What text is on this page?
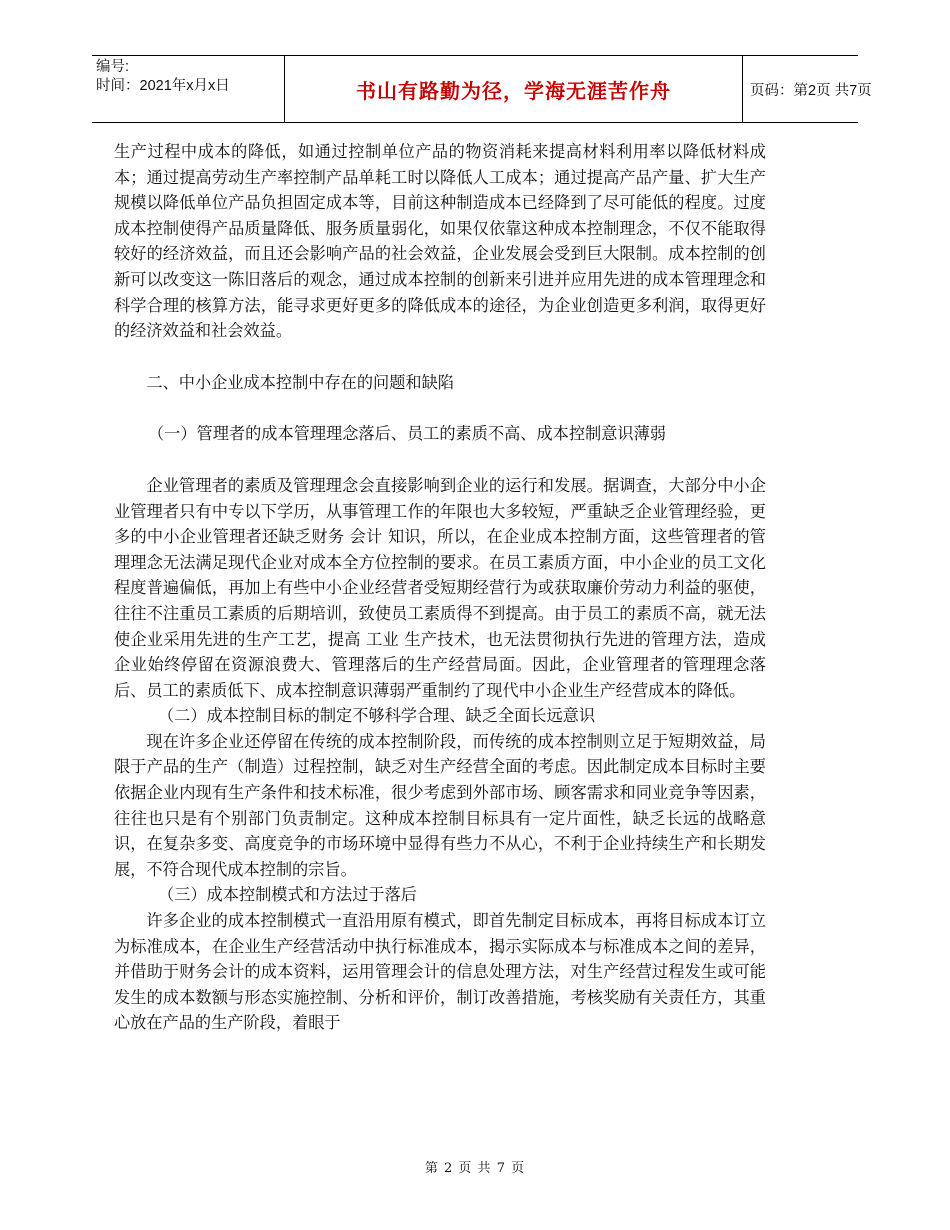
编号:
时间：2021年x月x日	书山有路勤为径，学海无涯苦作舟	页码：第2页 共7页

生产过程中成本的降低，如通过控制单位产品的物资消耗来提高材料利用率以降低材料成本；通过提高劳动生产率控制产品单耗工时以降低人工成本；通过提高产品产量、扩大生产规模以降低单位产品负担固定成本等，目前这种制造成本已经降到了尽可能低的程度。过度成本控制使得产品质量降低、服务质量弱化，如果仅依靠这种成本控制理念，不仅不能取得较好的经济效益，而且还会影响产品的社会效益，企业发展会受到巨大限制。成本控制的创新可以改变这一陈旧落后的观念，通过成本控制的创新来引进并应用先进的成本管理理念和科学合理的核算方法，能寻求更好更多的降低成本的途径，为企业创造更多利润，取得更好的经济效益和社会效益。

二、中小企业成本控制中存在的问题和缺陷

（一）管理者的成本管理理念落后、员工的素质不高、成本控制意识薄弱

企业管理者的素质及管理理念会直接影响到企业的运行和发展。据调查，大部分中小企业管理者只有中专以下学历，从事管理工作的年限也大多较短，严重缺乏企业管理经验，更多的中小企业管理者还缺乏财务 会计 知识，所以，在企业成本控制方面，这些管理者的管理理念无法满足现代企业对成本全方位控制的要求。在员工素质方面，中小企业的员工文化程度普遍偏低，再加上有些中小企业经营者受短期经营行为或获取廉价劳动力利益的驱使，往往不注重员工素质的后期培训，致使员工素质得不到提高。由于员工的素质不高，就无法使企业采用先进的生产工艺，提高 工业 生产技术，也无法贯彻执行先进的管理方法，造成企业始终停留在资源浪费大、管理落后的生产经营局面。因此，企业管理者的管理理念落后、员工的素质低下、成本控制意识薄弱严重制约了现代中小企业生产经营成本的降低。

（二）成本控制目标的制定不够科学合理、缺乏全面长远意识

现在许多企业还停留在传统的成本控制阶段，而传统的成本控制则立足于短期效益，局限于产品的生产（制造）过程控制，缺乏对生产经营全面的考虑。因此制定成本目标时主要依据企业内现有生产条件和技术标准，很少考虑到外部市场、顾客需求和同业竞争等因素，往往也只是有个别部门负责制定。这种成本控制目标具有一定片面性，缺乏长远的战略意识，在复杂多变、高度竞争的市场环境中显得有些力不从心，不利于企业持续生产和长期发展，不符合现代成本控制的宗旨。

（三）成本控制模式和方法过于落后

许多企业的成本控制模式一直沿用原有模式，即首先制定目标成本，再将目标成本订立为标准成本，在企业生产经营活动中执行标准成本，揭示实际成本与标准成本之间的差异，并借助于财务会计的成本资料，运用管理会计的信息处理方法，对生产经营过程发生或可能发生的成本数额与形态实施控制、分析和评价，制订改善措施，考核奖励有关责任方，其重心放在产品的生产阶段，着眼于

第 2 页 共 7 页
